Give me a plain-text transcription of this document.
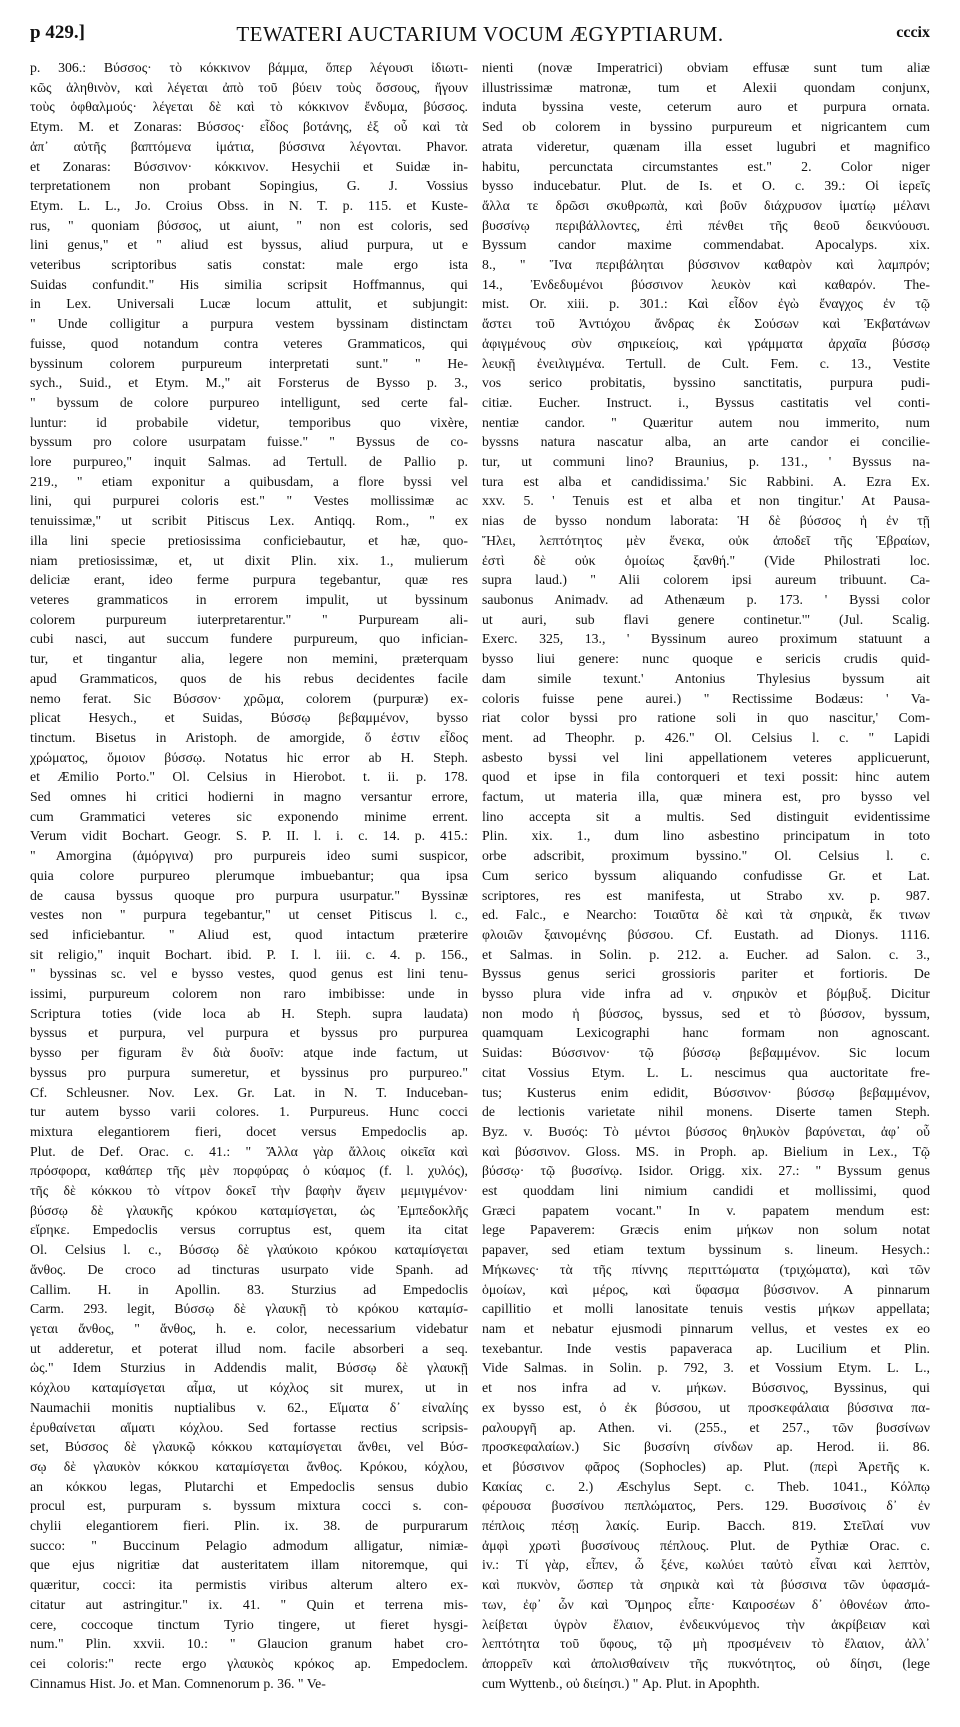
p 429.]	TEWATERI AUCTARIUM VOCUM ÆGYPTIARUM.	cccix

p. 306.: Βύσσος· τὸ κόκκινον βάμμα, ὅπερ λέγουσι ἰδιωτι-

κῶς ἀληθινὸν, καὶ λέγεται ἀπὸ τοῦ βύειν τοὺς ὄσσους, ἤγουν

τοὺς ὀφθαλμούς· λέγεται δὲ καὶ τὸ κόκκινον ἔνδυμα, βύσσος.

Etym. M. et Zonaras: Βύσσος· εἶδος βοτάνης, ἐξ οὗ καὶ τὰ

ἀπ᾽ αὐτῆς βαπτόμενα ἱμάτια, βύσσινα λέγονται. Phavor.

et Zonaras: Βύσσινον· κόκκινον. Hesychii et Suidæ in-

terpretationem non probant Sopingius, G. J. Vossius

Etym. L. L., Jo. Croius Obss. in N. T. p. 115. et Kuste-

rus, " quoniam βύσσος, ut aiunt, " non est coloris, sed

lini genus," et " aliud est byssus, aliud purpura, ut e

veteribus scriptoribus satis constat: male ergo ista

Suidas confundit." His similia scripsit Hoffmannus, qui

in Lex. Universali Lucæ locum attulit, et subjungit:

" Unde colligitur a purpura vestem byssinam distinctam

fuisse, quod notandum contra veteres Grammaticos, qui

byssinum colorem purpureum interpretati sunt." " He-

sych., Suid., et Etym. M.," ait Forsterus de Bysso p. 3.,

" byssum de colore purpureo intelligunt, sed certe fal-

luntur: id probabile videtur, temporibus quo vixère,

byssum pro colore usurpatam fuisse." " Byssus de co-

lore purpureo," inquit Salmas. ad Tertull. de Pallio p.

219., " etiam exponitur a quibusdam, a flore byssi vel

lini, qui purpurei coloris est." " Vestes mollissimæ ac

tenuissimæ," ut scribit Pitiscus Lex. Antiqq. Rom., " ex

illa lini specie pretiosissima conficiebautur, et hæ, quo-

niam pretiosissimæ, et, ut dixit Plin. xix. 1., mulierum

deliciæ erant, ideo ferme purpura tegebantur, quæ res

veteres grammaticos in errorem impulit, ut byssinum

colorem purpureum iuterpretarentur." " Purpuream ali-

cubi nasci, aut succum fundere purpureum, quo infician-

tur, et tingantur alia, legere non memini, præterquam

apud Grammaticos, quos de his rebus decidentes facile

nemo ferat. Sic Βύσσον· χρῶμα, colorem (purpuræ) ex-

plicat Hesych., et Suidas, Βύσσῳ βεβαμμένον, bysso

tinctum. Bisetus in Aristoph. de amorgide, ὅ ἐστιν εἶδος

χρώματος, ὅμοιον βύσσῳ. Notatus hic error ab H. Steph.

et Æmilio Porto." Ol. Celsius in Hierobot. t. ii. p. 178.

Sed omnes hi critici hodierni in magno versantur errore,

cum Grammatici veteres sic exponendo minime errent.

Verum vidit Bochart. Geogr. S. P. II. l. i. c. 14. p. 415.:

" Amorgina (ἀμόργινα) pro purpureis ideo sumi suspicor,

quia colore purpureo plerumque imbuebantur; qua ipsa

de causa byssus quoque pro purpura usurpatur." Byssinæ

vestes non " purpura tegebantur," ut censet Pitiscus l. c.,

sed inficiebantur. " Aliud est, quod intactum præterire

sit religio," inquit Bochart. ibid. P. I. l. iii. c. 4. p. 156.,

" byssinas sc. vel e bysso vestes, quod genus est lini tenu-

issimi, purpureum colorem non raro imbibisse: unde in

Scriptura toties (vide loca ab H. Steph. supra laudata)

byssus et purpura, vel purpura et byssus pro purpurea

bysso per figuram ἓν διὰ δυοῖν: atque inde factum, ut

byssus pro purpura sumeretur, et byssinus pro purpureo."

Cf. Schleusner. Nov. Lex. Gr. Lat. in N. T. Induceban-

tur autem bysso varii colores. 1. Purpureus. Hunc cocci

mixtura elegantiorem fieri, docet versus Empedoclis ap.

Plut. de Def. Orac. c. 41.: " Ἄλλα γὰρ ἄλλοις οἰκεῖα καὶ

πρόσφορα, καθάπερ τῆς μὲν πορφύρας ὁ κύαμος (f. l. χυλός),

τῆς δὲ κόκκου τὸ νίτρον δοκεῖ τὴν βαφὴν ἄγειν μεμιγμένον·

βύσσῳ δὲ γλαυκῆς κρόκου καταμίσγεται, ὡς Ἐμπεδοκλῆς

εἴρηκε. Empedoclis versus corruptus est, quem ita citat

Ol. Celsius l. c., Βύσσῳ δὲ γλαύκοιο κρόκου καταμίσγεται

ἄνθος. De croco ad tincturas usurpato vide Spanh. ad

Callim. H. in Apollin. 83. Sturzius ad Empedoclis

Carm. 293. legit, Βύσσῳ δὲ γλαυκῇ τὸ κρόκου καταμίσ-

γεται ἄνθος, " ἄνθος, h. e. color, necessarium videbatur

ut adderetur, et poterat illud nom. facile absorberi a seq.

ὡς." Idem Sturzius in Addendis malit, Βύσσῳ δὲ γλαυκῇ

κόχλου καταμίσγεται αἷμα, ut κόχλος sit murex, ut in

Naumachii monitis nuptialibus v. 62., Εἵματα δ᾽ εἰναλίης

ἐρυθαίνεται αἵματι κόχλου. Sed fortasse rectius scripsis-

set, Βύσσος δὲ γλαυκῷ κόκκου καταμίσγεται ἄνθει, vel Βύσ-

σῳ δὲ γλαυκὸν κόκκου καταμίσγεται ἄνθος. Κρόκου, κόχλου,

an κόκκου legas, Plutarchi et Empedoclis sensus dubio

procul est, purpuram s. byssum mixtura cocci s. con-

chylii elegantiorem fieri. Plin. ix. 38. de purpurarum

succo: " Buccinum Pelagio admodum alligatur, nimiæ-

que ejus nigritiæ dat austeritatem illam nitoremque, qui

quæritur, cocci: ita permistis viribus alterum altero ex-

citatur aut astringitur." ix. 41. " Quin et terrena mis-

cere, coccoque tinctum Tyrio tingere, ut fieret hysgi-

num." Plin. xxvii. 10.: " Glaucion granum habet cro-

cei coloris:" recte ergo γλαυκὸς κρόκος ap. Empedoclem.

Cinnamus Hist. Jo. et Man. Comnenorum p. 36. " Ve-

nienti (novæ Imperatrici) obviam effusæ sunt tum aliæ

illustrissimæ matronæ, tum et Alexii quondam conjunx,

induta byssina veste, ceterum auro et purpura ornata.

Sed ob colorem in byssino purpureum et nigricantem cum

atrata videretur, quænam illa esset lugubri et magnifico

habitu, percunctata circumstantes est." 2. Color niger

bysso inducebatur. Plut. de Is. et O. c. 39.: Οἱ ἱερεῖς

ἄλλα τε δρῶσι σκυθρωπὰ, καὶ βοῦν διάχρυσον ἱματίῳ μέλανι

βυσσίνῳ περιβάλλοντες, ἐπὶ πένθει τῆς θεοῦ δεικνύουσι.

Byssum candor maxime commendabat. Apocalyps. xix.

8., " Ἵνα περιβάληται βύσσινον καθαρὸν καὶ λαμπρόν;

14., Ἐνδεδυμένοι βύσσινον λευκὸν καὶ καθαρόν. The-

mist. Or. xiii. p. 301.: Καὶ εἶδον ἐγὼ ἔναγχος ἐν τῷ

ἄστει τοῦ Ἀντιόχου ἄνδρας ἐκ Σούσων καὶ Ἐκβατάνων

ἀφιγμένους σὺν σηρικείοις, καὶ γράμματα ἀρχαῖα βύσσῳ

λευκῇ ἐνειλιγμένα. Tertull. de Cult. Fem. c. 13., Vestite

vos serico probitatis, byssino sanctitatis, purpura pudi-

citiæ. Eucher. Instruct. i., Byssus castitatis vel conti-

nentiæ candor. " Quæritur autem nou immerito, num

byssns natura nascatur alba, an arte candor ei concilie-

tur, ut communi lino? Braunius, p. 131., ' Byssus na-

tura est alba et candidissima.' Sic Rabbini. A. Ezra Ex.

xxv. 5. ' Tenuis est et alba et non tingitur.' At Pausa-

nias de bysso nondum laborata: Ἡ δὲ βύσσος ἡ ἐν τῇ

Ἤλει, λεπτότητος μὲν ἕνεκα, οὐκ ἀποδεῖ τῆς Ἑβραίων,

ἐστὶ δὲ οὐκ ὁμοίως ξανθή." (Vide Philostrati loc.

supra laud.) " Alii colorem ipsi aureum tribuunt. Ca-

saubonus Animadv. ad Athenæum p. 173. ' Byssi color

ut auri, sub flavi genere continetur.'" (Jul. Scalig.

Exerc. 325, 13., ' Byssinum aureo proximum statuunt a

bysso liui genere: nunc quoque e sericis crudis quid-

dam simile texunt.' Antonius Thylesius byssum ait

coloris fuisse pene aurei.) " Rectissime Bodæus: ' Va-

riat color byssi pro ratione soli in quo nascitur,' Com-

ment. ad Theophr. p. 426." Ol. Celsius l. c. " Lapidi

asbesto byssi vel lini appellationem veteres applicuerunt,

quod et ipse in fila contorqueri et texi possit: hinc autem

factum, ut materia illa, quæ minera est, pro bysso vel

lino accepta sit a multis. Sed distinguit evidentissime

Plin. xix. 1., dum lino asbestino principatum in toto

orbe adscribit, proximum byssino." Ol. Celsius l. c.

Cum serico byssum aliquando confudisse Gr. et Lat.

scriptores, res est manifesta, ut Strabo xv. p. 987.

ed. Falc., e Nearcho: Τοιαῦτα δὲ καὶ τὰ σηρικὰ, ἔκ τινων

φλοιῶν ξαινομένης βύσσου. Cf. Eustath. ad Dionys. 1116.

et Salmas. in Solin. p. 212. a. Eucher. ad Salon. c. 3.,

Byssus genus serici grossioris pariter et fortioris. De

bysso plura vide infra ad v. σηρικὸν et βόμβυξ. Dicitur

non modo ἡ βύσσος, byssus, sed et τὸ βύσσον, byssum,

quamquam Lexicographi hanc formam non agnoscant.

Suidas: Βύσσινον· τῷ βύσσῳ βεβαμμένον. Sic locum

citat Vossius Etym. L. L. nescimus qua auctoritate fre-

tus; Kusterus enim edidit, Βύσσινον· βύσσῳ βεβαμμένον,

de lectionis varietate nihil monens. Diserte tamen Steph.

Byz. v. Βυσός: Τὸ μέντοι βύσσος θηλυκὸν βαρύνεται, ἀφ᾽ οὗ

καὶ βύσσινον. Gloss. MS. in Proph. ap. Bielium in Lex., Τῷ

βύσσῳ· τῷ βυσσίνῳ. Isidor. Origg. xix. 27.: " Byssum genus

est quoddam lini nimium candidi et mollissimi, quod

Græci papatem vocant." In v. papatem mendum est:

lege Papaverem: Græcis enim μήκων non solum notat

papaver, sed etiam textum byssinum s. lineum. Hesych.:

Μήκωνες· τὰ τῆς πίννης περιττώματα (τριχώματα), καὶ τῶν

ὁμοίων, καὶ μέρος, καὶ ὕφασμα βύσσινον. A pinnarum

capillitio et molli lanositate tenuis vestis μήκων appellata;

nam et nebatur ejusmodi pinnarum vellus, et vestes ex eo

texebantur. Inde vestis papaveraca ap. Lucilium et Plin.

Vide Salmas. in Solin. p. 792, 3. et Vossium Etym. L. L.,

et nos infra ad v. μήκων. Βύσσινος, Byssinus, qui

ex bysso est, ὁ ἐκ βύσσου, ut προσκεφάλαια βύσσινα πα-

ραλουργῆ ap. Athen. vi. (255., et 257., τῶν βυσσίνων

προσκεφαλαίων.) Sic βυσσίνη σίνδων ap. Herod. ii. 86.

et βύσσινον φᾶρος (Sophocles) ap. Plut. (περὶ Ἀρετῆς κ.

Κακίας c. 2.) Æschylus Sept. c. Theb. 1041., Κόλπῳ

φέρουσα βυσσίνου πεπλώματος, Pers. 129. Βυσσίνοις δ᾽ ἐν

πέπλοις πέσῃ λακίς. Eurip. Bacch. 819. Στεῖλαί νυν

ἀμφὶ χρωτὶ βυσσίνους πέπλους. Plut. de Pythiæ Orac. c.

iv.: Τί γὰρ, εἶπεν, ὦ ξένε, κωλύει ταὐτὸ εἶναι καὶ λεπτὸν,

καὶ πυκνὸν, ὥσπερ τὰ σηρικὰ καὶ τὰ βύσσινα τῶν ὑφασμά-

των, ἐφ᾽ ὧν καὶ Ὅμηρος εἶπε· Καιροσέων δ᾽ ὀθονέων ἀπο-

λείβεται ὑγρὸν ἔλαιον, ἐνδεικνύμενος τὴν ἀκρίβειαν καὶ

λεπτότητα τοῦ ὕφους, τῷ μὴ προσμένειν τὸ ἔλαιον, ἀλλ᾽

ἀπορρεῖν καὶ ἀπολισθαίνειν τῆς πυκνότητος, οὐ δίησι, (lege

cum Wyttenb., οὐ διείησι.) " Ap. Plut. in Apophth.
